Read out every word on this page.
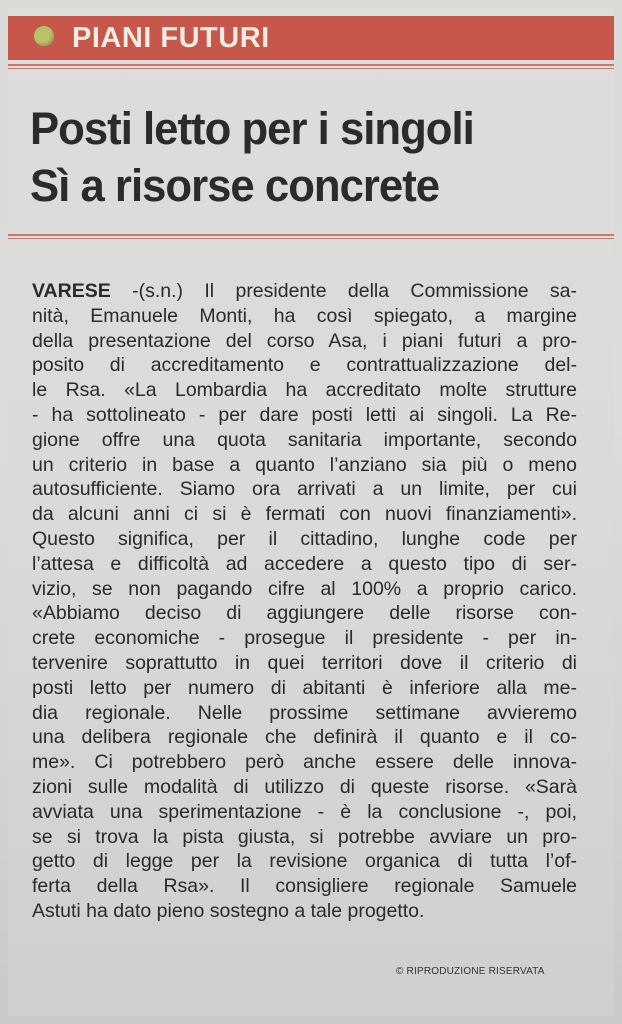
PIANI FUTURI
Posti letto per i singoli
Sì a risorse concrete
VARESE -(s.n.) Il presidente della Commissione sa-
nità, Emanuele Monti, ha così spiegato, a margine
della presentazione del corso Asa, i piani futuri a pro-
posito di accreditamento e contrattualizzazione del-
le Rsa. «La Lombardia ha accreditato molte strutture
- ha sottolineato - per dare posti letti ai singoli. La Re-
gione offre una quota sanitaria importante, secondo
un criterio in base a quanto l’anziano sia più o meno
autosufficiente. Siamo ora arrivati a un limite, per cui
da alcuni anni ci si è fermati con nuovi finanziamenti».
Questo significa, per il cittadino, lunghe code per
l’attesa e difficoltà ad accedere a questo tipo di ser-
vizio, se non pagando cifre al 100% a proprio carico.
«Abbiamo deciso di aggiungere delle risorse con-
crete economiche - prosegue il presidente - per in-
tervenire soprattutto in quei territori dove il criterio di
posti letto per numero di abitanti è inferiore alla me-
dia regionale. Nelle prossime settimane avvieremo
una delibera regionale che definirà il quanto e il co-
me». Ci potrebbero però anche essere delle innova-
zioni sulle modalità di utilizzo di queste risorse. «Sarà
avviata una sperimentazione - è la conclusione -, poi,
se si trova la pista giusta, si potrebbe avviare un pro-
getto di legge per la revisione organica di tutta l’of-
ferta della Rsa». Il consigliere regionale Samuele
Astuti ha dato pieno sostegno a tale progetto.
© RIPRODUZIONE RISERVATA
